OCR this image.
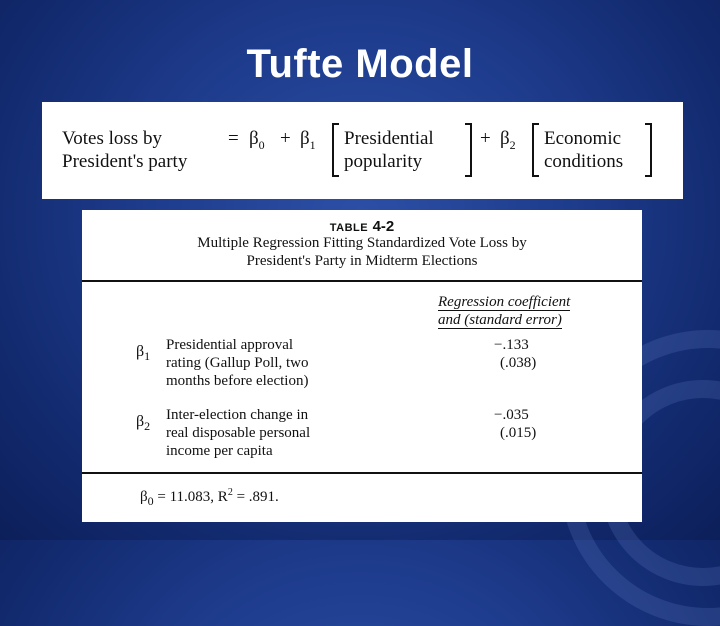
Tufte Model
Votes loss by
President's party
= $\beta_0 + \beta_1$ Presidential
popularity
+ $\beta_2$ Economic
conditions
TABLE 4-2
Multiple Regression Fitting Standardized Vote Loss by
President's Party in Midterm Elections
Regression coefficient
and (standard error)
$\beta_1$
Presidential approval
rating (Gallup Poll, two
months before election)
−.133
(.038)
$\beta_2$
Inter-election change in
real disposable personal
income per capita
−.035
(.015)
$\beta_0 = 11.083$, $R^2 = .891$.
